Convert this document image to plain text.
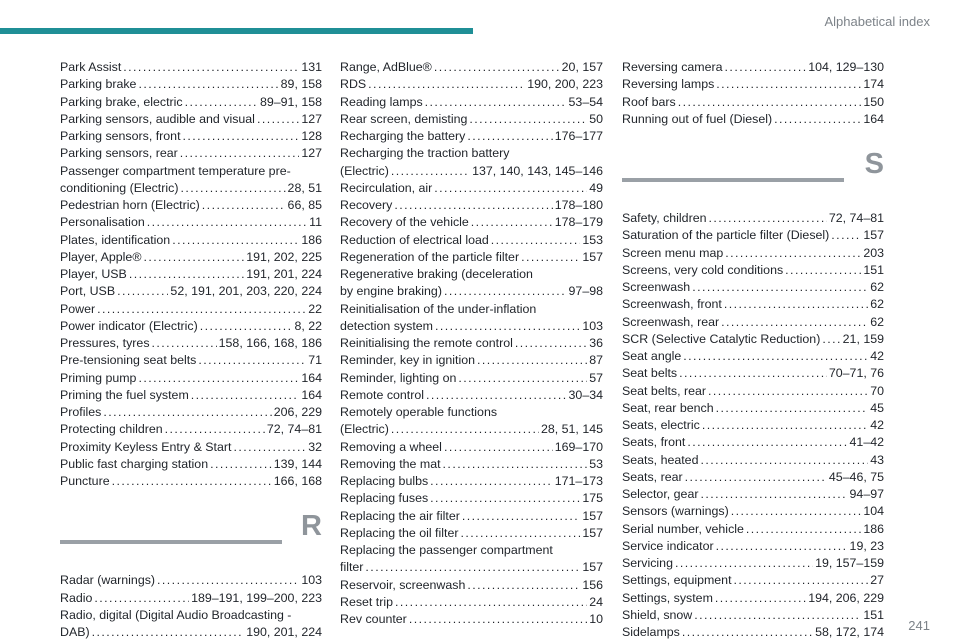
Alphabetical index
Park Assist . . .	131
Parking brake . . .	89, 158
Parking brake, electric . . .	89–91, 158
Parking sensors, audible and visual . . .	127
Parking sensors, front . . .	128
Parking sensors, rear . . .	127
Passenger compartment temperature pre-
conditioning (Electric) . . .	28, 51
Pedestrian horn (Electric) . . .	66, 85
Personalisation . . .	11
Plates, identification . . .	186
Player, Apple® . . .	191, 202, 225
Player, USB . . .	191, 201, 224
Port, USB . . .	52, 191, 201, 203, 220, 224
Power . . .	22
Power indicator (Electric) . . .	8, 22
Pressures, tyres . . .	158, 166, 168, 186
Pre-tensioning seat belts . . .	71
Priming pump . . .	164
Priming the fuel system . . .	164
Profiles . . .	206, 229
Protecting children . . .	72, 74–81
Proximity Keyless Entry & Start . . .	32
Public fast charging station . . .	139, 144
Puncture . . .	166, 168
R
Radar (warnings) . . .	103
Radio . . .	189–191, 199–200, 223
Radio, digital (Digital Audio Broadcasting -
DAB) . . .	190, 201, 224
Range, AdBlue® . . .	20, 157
RDS . . .	190, 200, 223
Reading lamps . . .	53–54
Rear screen, demisting . . .	50
Recharging the battery . . .	176–177
Recharging the traction battery
(Electric) . . .	137, 140, 143, 145–146
Recirculation, air . . .	49
Recovery . . .	178–180
Recovery of the vehicle . . .	178–179
Reduction of electrical load . . .	153
Regeneration of the particle filter . . .	157
Regenerative braking (deceleration
by engine braking) . . .	97–98
Reinitialisation of the under-inflation
detection system . . .	103
Reinitialising the remote control . . .	36
Reminder, key in ignition . . .	87
Reminder, lighting on . . .	57
Remote control . . .	30–34
Remotely operable functions
(Electric) . . .	28, 51, 145
Removing a wheel . . .	169–170
Removing the mat . . .	53
Replacing bulbs . . .	171–173
Replacing fuses . . .	175
Replacing the air filter . . .	157
Replacing the oil filter . . .	157
Replacing the passenger compartment
filter . . .	157
Reservoir, screenwash . . .	156
Reset trip . . .	24
Rev counter . . .	10
Reversing camera . . .	104, 129–130
Reversing lamps . . .	174
Roof bars . . .	150
Running out of fuel (Diesel) . . .	164
S
Safety, children . . .	72, 74–81
Saturation of the particle filter (Diesel) . . .	157
Screen menu map . . .	203
Screens, very cold conditions . . .	151
Screenwash . . .	62
Screenwash, front . . .	62
Screenwash, rear . . .	62
SCR (Selective Catalytic Reduction) . . . 21, 159
Seat angle . . .	42
Seat belts . . .	70–71, 76
Seat belts, rear . . .	70
Seat, rear bench . . .	45
Seats, electric . . .	42
Seats, front . . .	41–42
Seats, heated . . .	43
Seats, rear . . .	45–46, 75
Selector, gear . . .	94–97
Sensors (warnings) . . .	104
Serial number, vehicle . . .	186
Service indicator . . .	19, 23
Servicing . . .	19, 157–159
Settings, equipment . . .	27
Settings, system . . .	194, 206, 229
Shield, snow . . .	151
Sidelamps . . .	58, 172, 174 241
